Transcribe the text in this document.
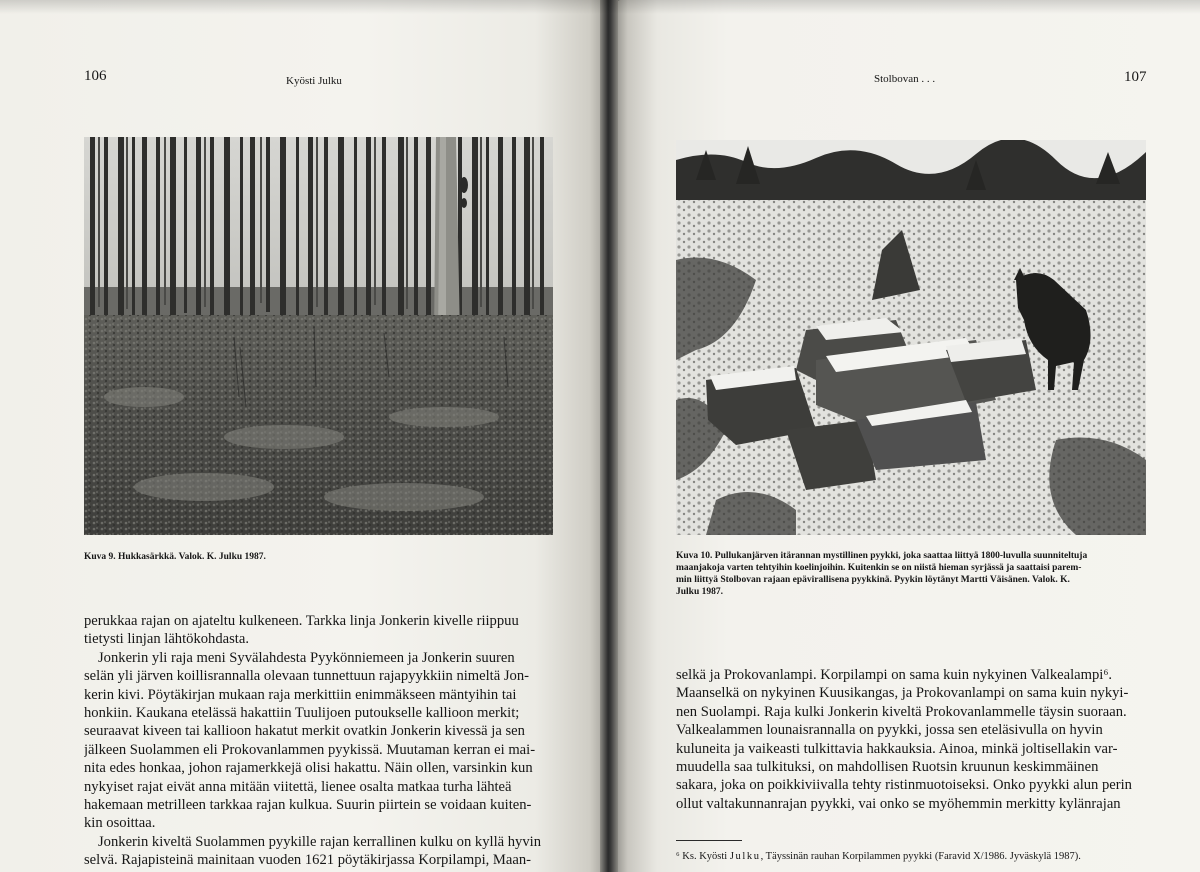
106	Kyösti Julku
Kuva 9. Hukkasärkkä. Valok. K. Julku 1987.
perukkaa rajan on ajateltu kulkeneen. Tarkka linja Jonkerin kivelle riippuu
tietysti linjan lähtökohdasta.
Jonkerin yli raja meni Syvälahdesta Pyykönniemeen ja Jonkerin suuren
selän yli järven koillisrannalla olevaan tunnettuun rajapyykkiin nimeltä Jon-
kerin kivi. Pöytäkirjan mukaan raja merkittiin enimmäkseen mäntyihin tai
honkiin. Kaukana etelässä hakattiin Tuulijoen putoukselle kallioon merkit;
seuraavat kiveen tai kallioon hakatut merkit ovatkin Jonkerin kivessä ja sen
jälkeen Suolammen eli Prokovanlammen pyykissä. Muutaman kerran ei mai-
nita edes honkaa, johon rajamerkkejä olisi hakattu. Näin ollen, varsinkin kun
nykyiset rajat eivät anna mitään viitettä, lienee osalta matkaa turha lähteä
hakemaan metrilleen tarkkaa rajan kulkua. Suurin piirtein se voidaan kuiten-
kin osoittaa.
Jonkerin kiveltä Suolammen pyykille rajan kerrallinen kulku on kyllä hyvin
selvä. Rajapisteinä mainitaan vuoden 1621 pöytäkirjassa Korpilampi, Maan-
Stolbovan . . .	107
Kuva 10. Pullukanjärven itärannan mystillinen pyykki, joka saattaa liittyä 1800-luvulla suunniteltuja
maanjakoja varten tehtyihin koelinjoihin. Kuitenkin se on niistä hieman syrjässä ja saattaisi parem-
min liittyä Stolbovan rajaan epävirallisena pyykkinä. Pyykin löytänyt Martti Väisänen. Valok. K.
Julku 1987.
selkä ja Prokovanlampi. Korpilampi on sama kuin nykyinen Valkealampi⁶.
Maanselkä on nykyinen Kuusikangas, ja Prokovanlampi on sama kuin nykyi-
nen Suolampi. Raja kulki Jonkerin kiveltä Prokovanlammelle täysin suoraan.
Valkealammen lounaisrannalla on pyykki, jossa sen eteläsivulla on hyvin
kuluneita ja vaikeasti tulkittavia hakkauksia. Ainoa, minkä joltisellakin var-
muudella saa tulkituksi, on mahdollisen Ruotsin kruunun keskimmäinen
sakara, joka on poikkiviivalla tehty ristinmuotoiseksi. Onko pyykki alun perin
ollut valtakunnanrajan pyykki, vai onko se myöhemmin merkitty kylänrajan
⁶ Ks. Kyösti Julku, Täyssinän rauhan Korpilammen pyykki (Faravid X/1986. Jyväskylä 1987).
